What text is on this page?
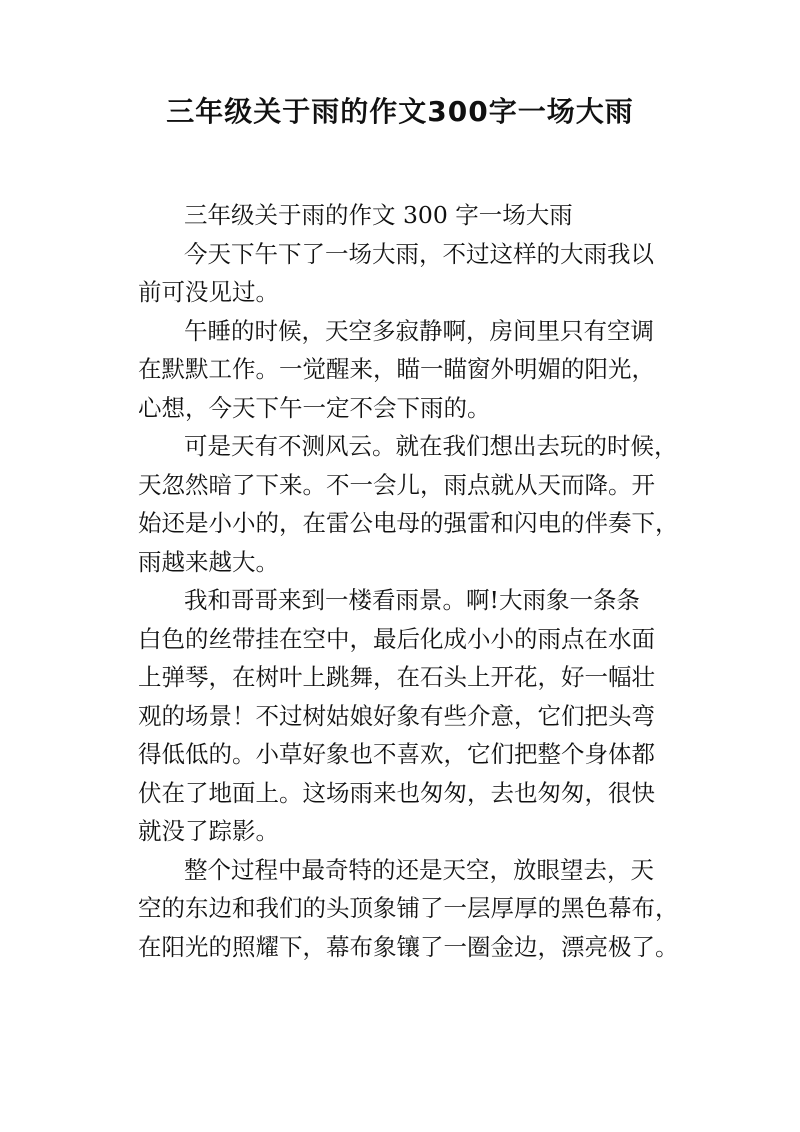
三年级关于雨的作文300字一场大雨
三年级关于雨的作文 300 字一场大雨
今天下午下了一场大雨，不过这样的大雨我以
前可没见过。
午睡的时候，天空多寂静啊，房间里只有空调
在默默工作。一觉醒来，瞄一瞄窗外明媚的阳光，
心想，今天下午一定不会下雨的。
可是天有不测风云。就在我们想出去玩的时候，
天忽然暗了下来。不一会儿，雨点就从天而降。开
始还是小小的，在雷公电母的强雷和闪电的伴奏下，
雨越来越大。
我和哥哥来到一楼看雨景。啊!大雨象一条条
白色的丝带挂在空中，最后化成小小的雨点在水面
上弹琴，在树叶上跳舞，在石头上开花，好一幅壮
观的场景！不过树姑娘好象有些介意，它们把头弯
得低低的。小草好象也不喜欢，它们把整个身体都
伏在了地面上。这场雨来也匆匆，去也匆匆，很快
就没了踪影。
整个过程中最奇特的还是天空，放眼望去，天
空的东边和我们的头顶象铺了一层厚厚的黑色幕布，
在阳光的照耀下，幕布象镶了一圈金边，漂亮极了。
